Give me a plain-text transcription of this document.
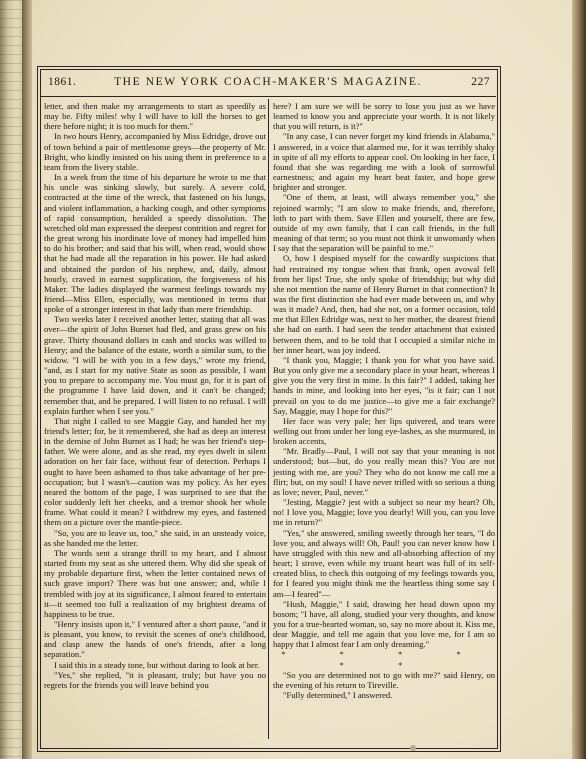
1861.	THE NEW YORK COACH-MAKER'S MAGAZINE.	227

letter, and then make my arrangements to start as speedily as may be. Fifty miles! why I will have to kill the horses to get there before night; it is too much for them."

In two hours Henry, accompanied by Miss Edridge, drove out of town behind a pair of mettlesome greys—the property of Mr. Bright, who kindly insisted on his using them in preference to a team from the livery stable.

In a week from the time of his departure he wrote to me that his uncle was sinking slowly, but surely. A severe cold, contracted at the time of the wreck, that fastened on his lungs, and violent inflammation, a hacking cough, and other symptoms of rapid consumption, heralded a speedy dissolution. The wretched old man expressed the deepest contrition and regret for the great wrong his inordinate love of money had impelled him to do his brother; and said that his will, when read, would show that he had made all the reparation in his power. He had asked and obtained the pardon of his nephew, and, daily, almost hourly, craved in earnest supplication, the forgiveness of his Maker. The ladies displayed the warmest feelings towards my friend—Miss Ellen, especially, was mentioned in terms that spoke of a stronger interest in that lady than mere friendship.

Two weeks later I received another letter, stating that all was over—the spirit of John Burnet had fled, and grass grew on his grave. Thirty thousand dollars in cash and stocks was willed to Henry; and the balance of the estate, worth a similar sum, to the widow. "I will be with you in a few days," wrote my friend, "and, as I start for my native State as soon as possible, I want you to prepare to accompany me. You must go, for it is part of the programme I have laid down, and it can't be changed; remember that, and be prepared. I will listen to no refusal. I will explain further when I see you."

That night I called to see Maggie Gay, and handed her my friend's letter; for, be it remembered, she had as deep an interest in the demise of John Burnet as I had; he was her friend's step-father. We were alone, and as she read, my eyes dwelt in silent adoration on her fair face, without fear of detection. Perhaps I ought to have been ashamed to thus take advantage of her pre-occupation; but I wasn't—caution was my policy. As her eyes neared the bottom of the page, I was surprised to see that the color suddenly left her cheeks, and a tremor shook her whole frame. What could it mean? I withdrew my eyes, and fastened them on a picture over the mantle-piece.

"So, you are to leave us, too," she said, in an unsteady voice, as she handed me the letter.

The words sent a strange thrill to my heart, and I almost started from my seat as she uttered them. Why did she speak of my probable departure first, when the letter contained news of such grave import? There was but one answer; and, while I trembled with joy at its significance, I almost feared to entertain it—it seemed too full a realization of my brightest dreams of happiness to be true.

"Henry insists upon it," I ventured after a short pause, "and it is pleasant, you know, to revisit the scenes of one's childhood, and clasp anew the hands of one's friends, after a long separation."

I said this in a steady tone, but without daring to look at her.

"Yes," she replied, "it is pleasant, truly; but have you no regrets for the friends you will leave behind you

here? I am sure we will be sorry to lose you just as we have learned to know you and appreciate your worth. It is not likely that you will return, is it?"

"In any case, I can never forget my kind friends in Alabama," I answered, in a voice that alarmed me, for it was terribly shaky in spite of all my efforts to appear cool. On looking in her face, I found that she was regarding me with a look of sorrowful earnestness; and again my heart beat faster, and hope grew brighter and stronger.

"One of them, at least, will always remember you," she rejoined warmly; "I am slow to make friends, and, therefore, loth to part with them. Save Ellen and yourself, there are few, outside of my own family, that I can call friends, in the full meaning of that term; so you must not think it unwomanly when I say that the separation will be painful to me."

O, how I despised myself for the cowardly suspicions that had restrained my tongue when that frank, open avowal fell from her lips! True, she only spoke of friendship; but why did she not mention the name of Henry Burnet in that connection? It was the first distinction she had ever made between us, and why was it made? And, then, had she not, on a former occasion, told me that Ellen Edridge was, next to her mother, the dearest friend she had on earth. I had seen the tender attachment that existed between them, and to be told that I occupied a similar niche in her inner heart, was joy indeed.

"I thank you, Maggie; I thank you for what you have said. But you only give me a secondary place in your heart, whereas I give you the very first in mine. Is this fair?" I added, taking her hands in mine, and looking into her eyes, "is it fair; can I not prevail on you to do me justice—to give me a fair exchange? Say, Maggie, may I hope for this?"

Her face was very pale; her lips quivered, and tears were welling out from under her long eye-lashes, as she murmured, in broken accents,

"Mr. Bradly—Paul, I will not say that your meaning is not understood; but—but, do you really mean this? You are not jesting with me, are you? They who do not know me call me a flirt; but, on my soul! I have never trifled with so serious a thing as love; never, Paul, never."

"Jesting, Maggie? jest with a subject so near my heart? Oh, no! I love you, Maggie; love you dearly! Will you, can you love me in return?"

"Yes," she answered, smiling sweetly through her tears, "I do love you, and always will! Oh, Paul! you can never know how I have struggled with this new and all-absorbing affection of my heart; I strove, even while my truant heart was full of its self-created bliss, to check this outgoing of my feelings towards you, for I feared you might think me the heartless thing some say I am—I feared"—

"Hush, Maggie," I said, drawing her head down upon my bosom; "I have, all along, studied your very thoughts, and know you for a true-hearted woman, so, say no more about it. Kiss me, dear Maggie, and tell me again that you love me, for I am so happy that I almost fear I am only dreaming."

* * * * * *

"So you are determined not to go with me?" said Henry, on the evening of his return to Tireville.

"Fully determined," I answered.
